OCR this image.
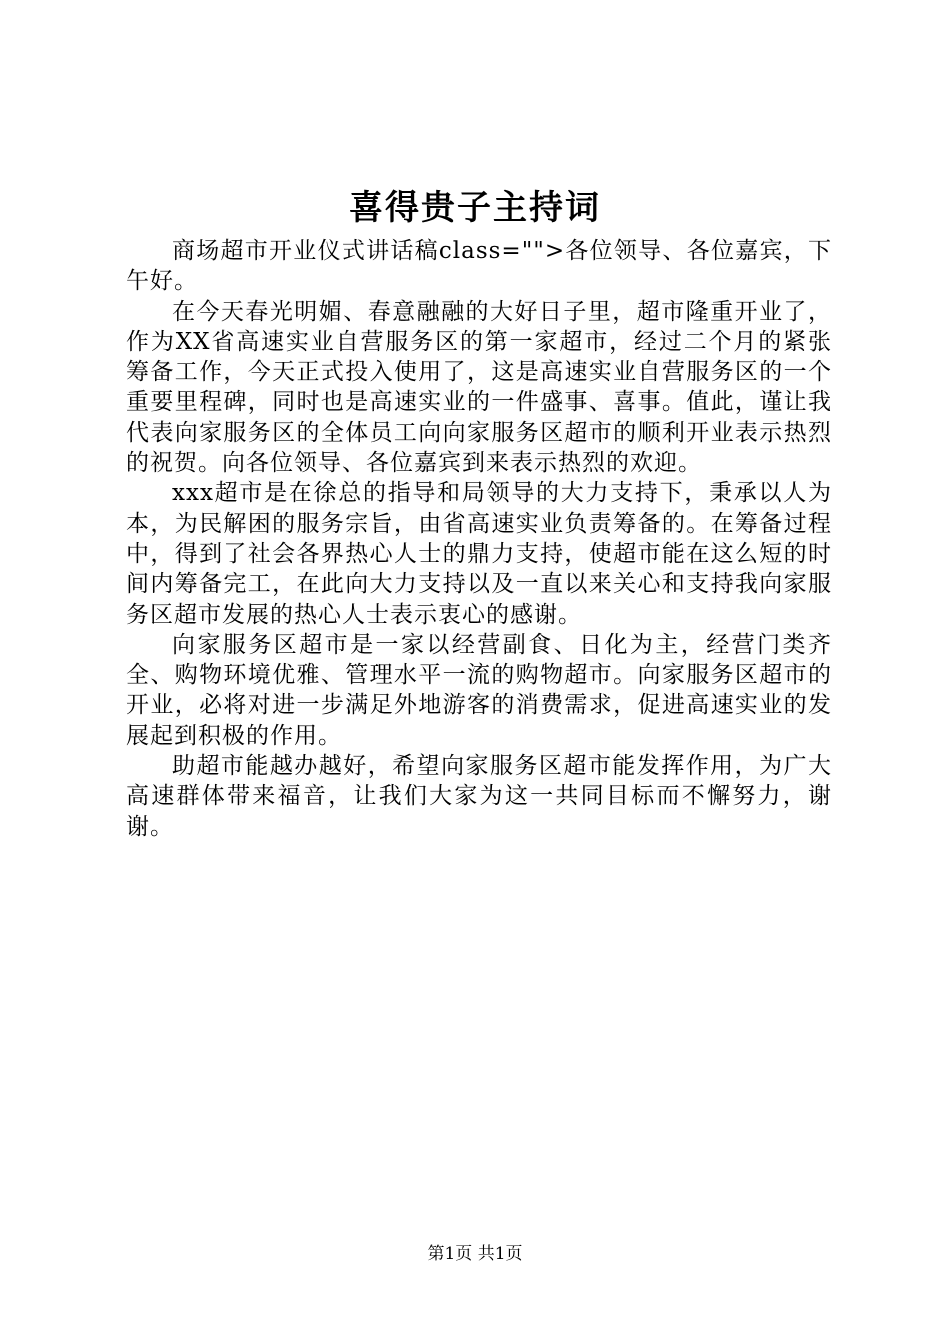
喜得贵子主持词

商场超市开业仪式讲话稿class="">各位领导、各位嘉宾，下午好。

在今天春光明媚、春意融融的大好日子里，超市隆重开业了，作为XX省高速实业自营服务区的第一家超市，经过二个月的紧张筹备工作，今天正式投入使用了，这是高速实业自营服务区的一个重要里程碑，同时也是高速实业的一件盛事、喜事。值此，谨让我代表向家服务区的全体员工向向家服务区超市的顺利开业表示热烈的祝贺。向各位领导、各位嘉宾到来表示热烈的欢迎。

xxx超市是在徐总的指导和局领导的大力支持下，秉承以人为本，为民解困的服务宗旨，由省高速实业负责筹备的。在筹备过程中，得到了社会各界热心人士的鼎力支持，使超市能在这么短的时间内筹备完工，在此向大力支持以及一直以来关心和支持我向家服务区超市发展的热心人士表示衷心的感谢。

向家服务区超市是一家以经营副食、日化为主，经营门类齐全、购物环境优雅、管理水平一流的购物超市。向家服务区超市的开业，必将对进一步满足外地游客的消费需求，促进高速实业的发展起到积极的作用。

助超市能越办越好，希望向家服务区超市能发挥作用，为广大高速群体带来福音，让我们大家为这一共同目标而不懈努力，谢谢。

第1页 共1页
